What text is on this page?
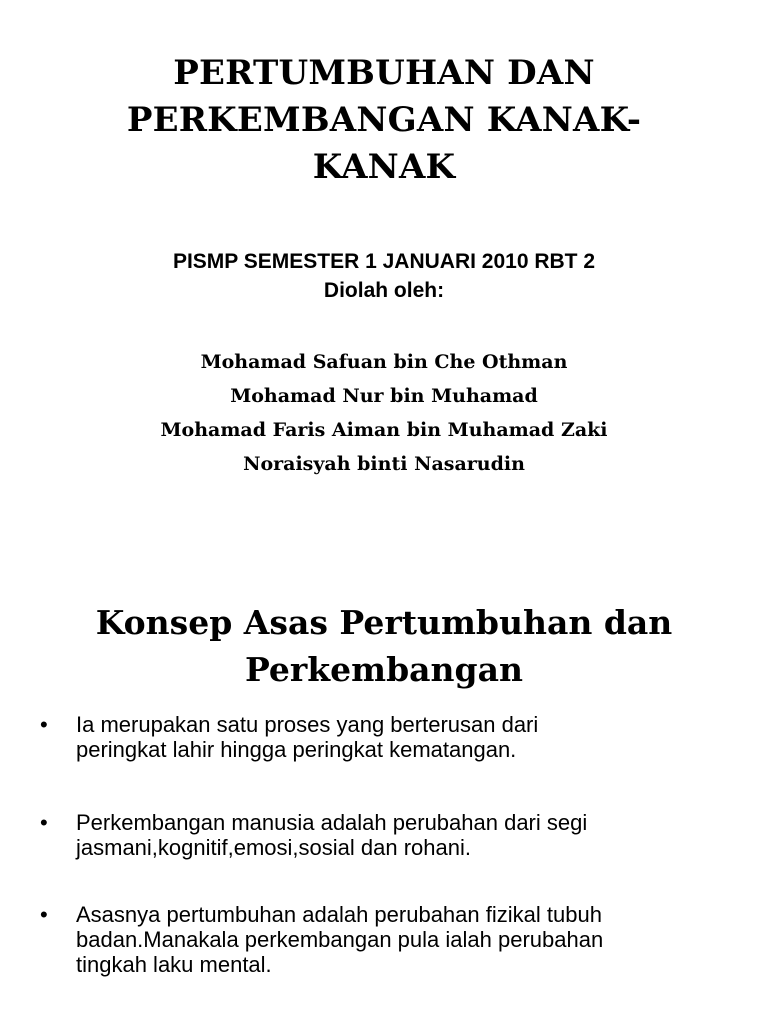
PERTUMBUHAN DAN
PERKEMBANGAN KANAK-
KANAK
PISMP SEMESTER 1 JANUARI 2010 RBT 2
Diolah oleh:
Mohamad Safuan bin Che Othman
Mohamad Nur bin Muhamad
Mohamad Faris Aiman bin Muhamad Zaki
Noraisyah binti Nasarudin
Konsep Asas Pertumbuhan dan
Perkembangan
•	Ia merupakan satu proses yang berterusan dari
peringkat lahir hingga peringkat kematangan.
•	Perkembangan manusia adalah perubahan dari segi
jasmani,kognitif,emosi,sosial dan rohani.
•	Asasnya pertumbuhan adalah perubahan fizikal tubuh
badan.Manakala perkembangan pula ialah perubahan
tingkah laku mental.
